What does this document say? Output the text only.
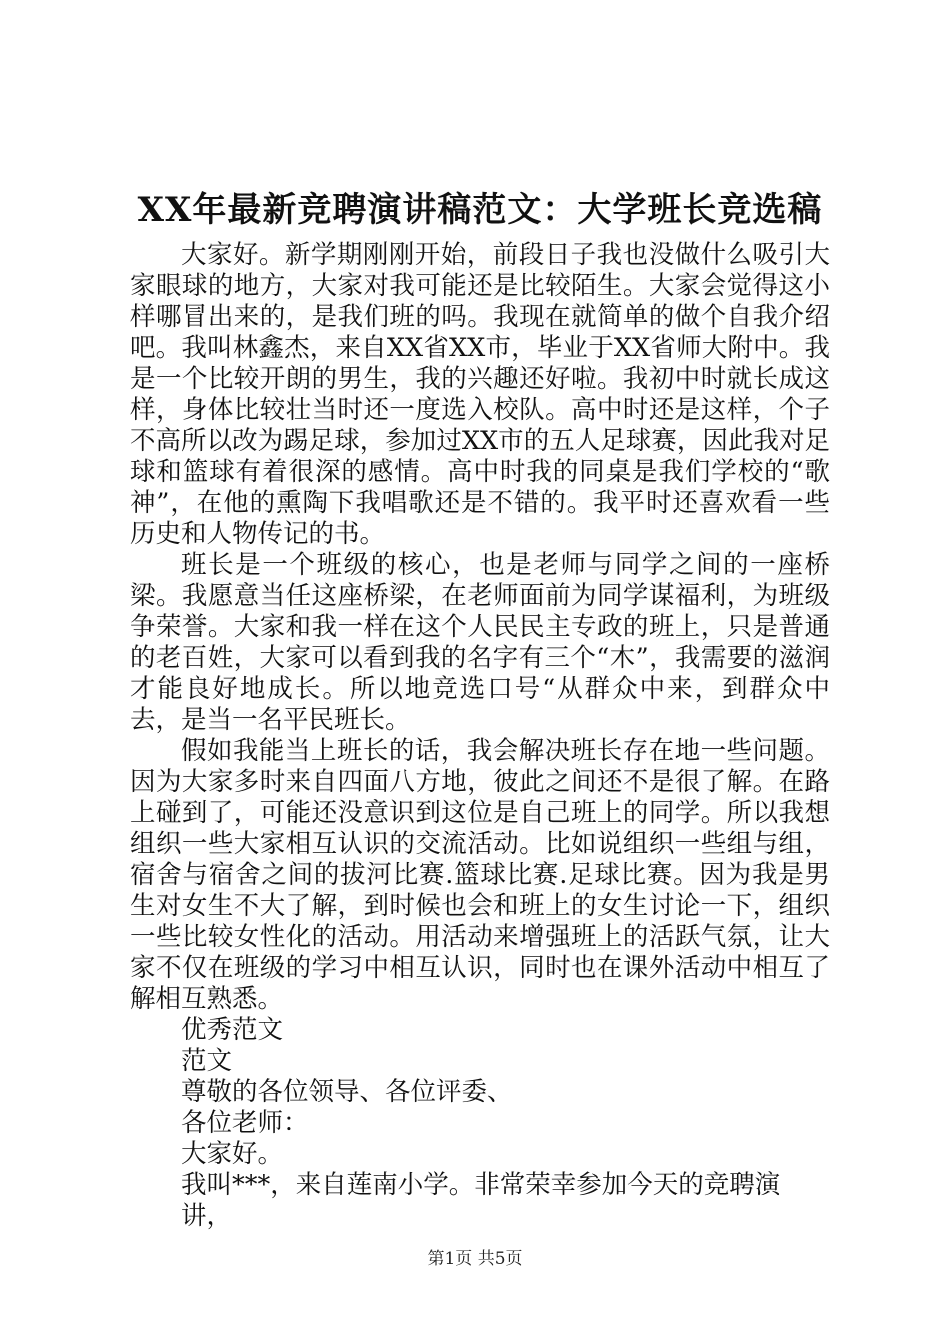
XX年最新竞聘演讲稿范文：大学班长竞选稿

大家好。新学期刚刚开始，前段日子我也没做什么吸引大家眼球的地方，大家对我可能还是比较陌生。大家会觉得这小样哪冒出来的，是我们班的吗。我现在就简单的做个自我介绍吧。我叫林鑫杰，来自XX省XX市，毕业于XX省师大附中。我是一个比较开朗的男生，我的兴趣还好啦。我初中时就长成这样，身体比较壮当时还一度选入校队。高中时还是这样，个子不高所以改为踢足球，参加过XX市的五人足球赛，因此我对足球和篮球有着很深的感情。高中时我的同桌是我们学校的“歌神”，在他的熏陶下我唱歌还是不错的。我平时还喜欢看一些历史和人物传记的书。

班长是一个班级的核心，也是老师与同学之间的一座桥梁。我愿意当任这座桥梁，在老师面前为同学谋福利，为班级争荣誉。大家和我一样在这个人民民主专政的班上，只是普通的老百姓，大家可以看到我的名字有三个“木”，我需要的滋润才能良好地成长。所以地竞选口号“从群众中来，到群众中去，是当一名平民班长。

假如我能当上班长的话，我会解决班长存在地一些问题。因为大家多时来自四面八方地，彼此之间还不是很了解。在路上碰到了，可能还没意识到这位是自己班上的同学。所以我想组织一些大家相互认识的交流活动。比如说组织一些组与组，宿舍与宿舍之间的拔河比赛.篮球比赛.足球比赛。因为我是男生对女生不大了解，到时候也会和班上的女生讨论一下，组织一些比较女性化的活动。用活动来增强班上的活跃气氛，让大家不仅在班级的学习中相互认识，同时也在课外活动中相互了解相互熟悉。

优秀范文

范文

尊敬的各位领导、各位评委、

各位老师：

大家好。

我叫***，来自莲南小学。非常荣幸参加今天的竞聘演讲，

第1页 共5页
